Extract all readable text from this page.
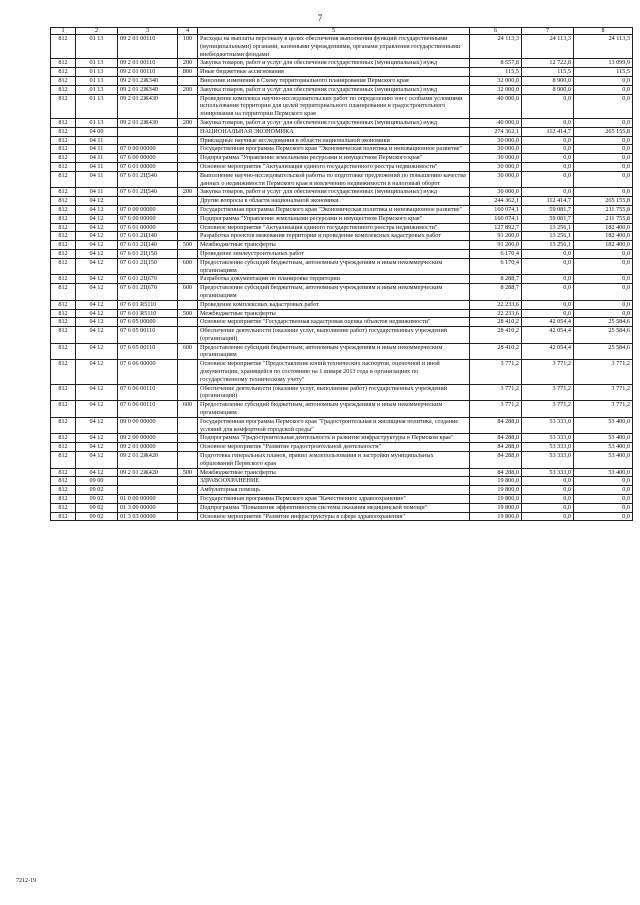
7
1	2	3	4	5	6	7	8
812	01 13	09 2 01 00110	100	Расходы на выплаты персоналу в целях обеспечения выполнения функций государственными (муниципальными) органами, казенными учреждениями, органами управления государственными внебюджетными фондами	24 113,3	24 113,3	24 113,3
812	01 13	09 2 01 00110	200	Закупка товаров, работ и услуг для обеспечения государственных (муниципальных) нужд	8 557,8	12 722,8	13 099,9
812	01 13	09 2 01 00110	800	Иные бюджетные ассигнования	115,5	115,5	115,5
812	01 13	09 2 01 2Ж340		Внесение изменений в Схему территориального планирования Пермского края	32 000,0	8 900,0	0,0
812	01 13	09 2 01 2Ж340	200	Закупка товаров, работ и услуг для обеспечения государственных (муниципальных) нужд	32 000,0	8 900,0	0,0
812	01 13	09 2 01 2Ж430		Проведение комплекса научно-исследовательских работ по определению зон с особыми условиями использования территории для целей территориального планирования и градостроительного зонирования на территории Пермского края	40 000,0	0,0	0,0
812	01 13	09 2 01 2Ж430	200	Закупка товаров, работ и услуг для обеспечения государственных (муниципальных) нужд	40 000,0	0,0	0,0
812	04 00			НАЦИОНАЛЬНАЯ ЭКОНОМИКА	274 362,1	112 414,7	265 155,8
812	04 11			Прикладные научные исследования в области национальной экономики	30 000,0	0,0	0,0
812	04 11	07 0 00 00000		Государственная программа Пермского края "Экономическая политика и инновационное развитие"	30 000,0	0,0	0,0
812	04 11	07 6 00 00000		Подпрограмма "Управление земельными ресурсами и имуществом Пермского края"	30 000,0	0,0	0,0
812	04 11	07 6 01 00000		Основное мероприятие "Актуализация единого государственного реестра недвижимости"	30 000,0	0,0	0,0
812	04 11	07 6 01 2Ц540		Выполнение научно-исследовательской работы по подготовке предложений по повышению качества данных о недвижимости Пермского края и вовлечению недвижимости в налоговый оборот	30 000,0	0,0	0,0
812	04 11	07 6 01 2Ц540	200	Закупка товаров, работ и услуг для обеспечения государственных (муниципальных) нужд	30 000,0	0,0	0,0
812	04 12			Другие вопросы в области национальной экономики	244 362,1	112 414,7	265 155,8
812	04 12	07 0 00 00000		Государственная программа Пермского края "Экономическая политика и инновационное развитие"	160 074,1	59 081,7	211 755,8
812	04 12	07 6 00 00000		Подпрограмма "Управление земельными ресурсами и имуществом Пермского края"	160 074,1	59 081,7	211 755,8
812	04 12	07 6 01 00000		Основное мероприятие "Актуализация единого государственного реестра недвижимости"	127 892,7	13 256,1	182 400,0
812	04 12	07 6 01 2Ц140		Разработка проектов межевания территории и проведение комплексных кадастровых работ	91 200,0	13 256,1	182 400,0
812	04 12	07 6 01 2Ц140	500	Межбюджетные трансферты	91 200,0	13 256,1	182 400,0
812	04 12	07 6 01 2Ц150		Проведение землеустроительных работ	6 170,4	0,0	0,0
812	04 12	07 6 01 2Ц150	600	Предоставление субсидий бюджетным, автономным учреждениям и иным некоммерческим организациям	6 170,4	0,0	0,0
812	04 12	07 6 01 2Ц670		Разработка документации по планировке территории	8 288,7	0,0	0,0
812	04 12	07 6 01 2Ц670	600	Предоставление субсидий бюджетным, автономным учреждениям и иным некоммерческим организациям	8 288,7	0,0	0,0
812	04 12	07 6 01 R5110		Проведение комплексных кадастровых работ	22 233,6	0,0	0,0
812	04 12	07 6 01 R5110	500	Межбюджетные трансферты	22 233,6	0,0	0,0
812	04 12	07 6 05 00000		Основное мероприятие "Государственная кадастровая оценка объектов недвижимости"	28 410,2	42 054,4	25 584,6
812	04 12	07 6 05 00110		Обеспечение деятельности (оказание услуг, выполнение работ) государственных учреждений (организаций)	28 410,2	42 054,4	25 584,6
812	04 12	07 6 05 00110	600	Предоставление субсидий бюджетным, автономным учреждениям и иным некоммерческим организациям	28 410,2	42 054,4	25 584,6
812	04 12	07 6 06 00000		Основное мероприятие "Предоставление копий технических паспортов, оценочной и иной документации, хранящейся по состоянию на 1 января 2013 года в организациях по государственному техническому учету"	3 771,2	3 771,2	3 771,2
812	04 12	07 6 06 00110		Обеспечение деятельности (оказание услуг, выполнение работ) государственных учреждений (организаций)	3 771,2	3 771,2	3 771,2
812	04 12	07 6 06 00110	600	Предоставление субсидий бюджетным, автономным учреждениям и иным некоммерческим организациям	3 771,2	3 771,2	3 771,2
812	04 12	09 0 00 00000		Государственная программа Пермского края "Градостроительная и жилищная политика, создание условий для комфортной городской среды"	84 288,0	53 333,0	53 400,0
812	04 12	09 2 00 00000		Подпрограмма "Градостроительная деятельность и развитие инфраструктуры в Пермском крае"	84 288,0	53 333,0	53 400,0
812	04 12	09 2 01 00000		Основное мероприятие "Развитие градостроительной деятельности"	84 288,0	53 333,0	53 400,0
812	04 12	09 2 01 2Ж420		Подготовка генеральных планов, правил землепользования и застройки муниципальных образований Пермского края	84 288,0	53 333,0	53 400,0
812	04 12	09 2 01 2Ж420	500	Межбюджетные трансферты	84 288,0	53 333,0	53 400,0
812	09 00			ЗДРАВООХРАНЕНИЕ	19 800,0	0,0	0,0
812	09 02			Амбулаторная помощь	19 800,0	0,0	0,0
812	09 02	01 0 00 00000		Государственная программа Пермского края "Качественное здравоохранение"	19 800,0	0,0	0,0
812	09 02	01 3 00 00000		Подпрограмма "Повышение эффективности системы оказания медицинской помощи"	19 800,0	0,0	0,0
812	09 02	01 3 03 00000		Основное мероприятие "Развитие инфраструктуры в сфере здравоохранения"	19 800,0	0,0	0,0
7212-19
